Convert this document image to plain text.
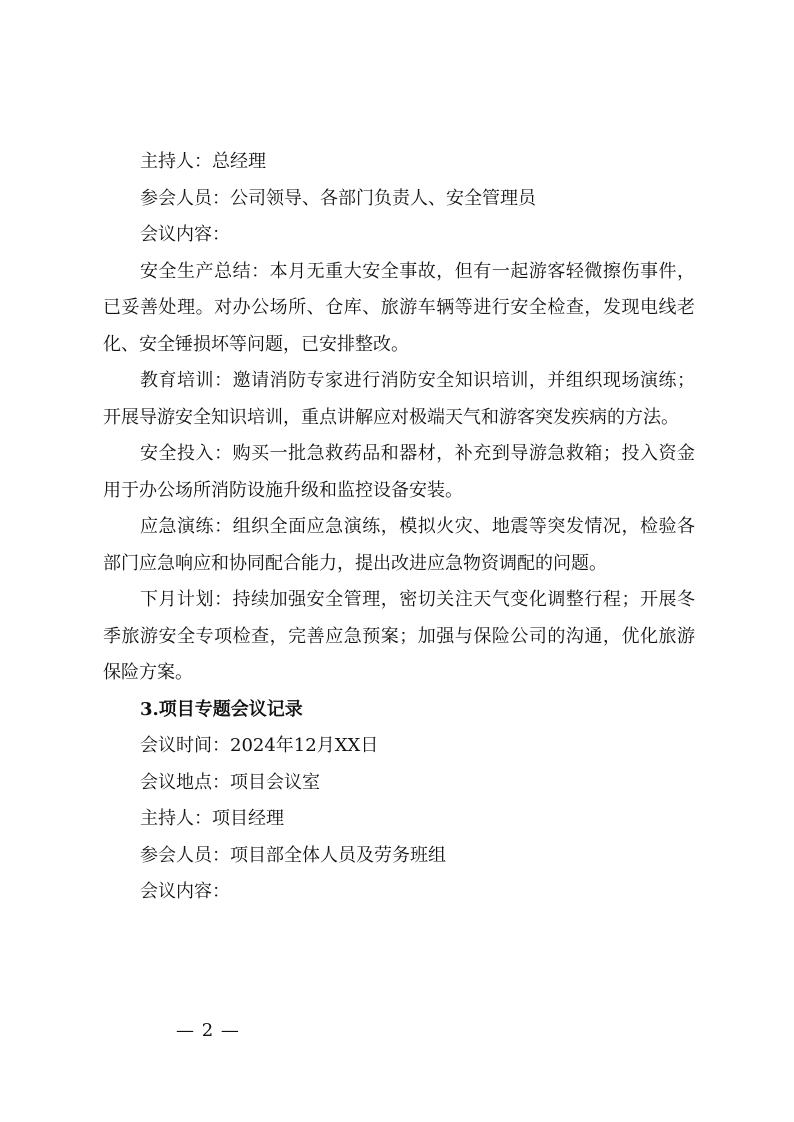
主持人：总经理

参会人员：公司领导、各部门负责人、安全管理员

会议内容：

安全生产总结：本月无重大安全事故，但有一起游客轻微擦伤事件，已妥善处理。对办公场所、仓库、旅游车辆等进行安全检查，发现电线老化、安全锤损坏等问题，已安排整改。

教育培训：邀请消防专家进行消防安全知识培训，并组织现场演练；开展导游安全知识培训，重点讲解应对极端天气和游客突发疾病的方法。

安全投入：购买一批急救药品和器材，补充到导游急救箱；投入资金用于办公场所消防设施升级和监控设备安装。

应急演练：组织全面应急演练，模拟火灾、地震等突发情况，检验各部门应急响应和协同配合能力，提出改进应急物资调配的问题。

下月计划：持续加强安全管理，密切关注天气变化调整行程；开展冬季旅游安全专项检查，完善应急预案；加强与保险公司的沟通，优化旅游保险方案。

3.项目专题会议记录

会议时间：2024年12月XX日

会议地点：项目会议室

主持人：项目经理

参会人员：项目部全体人员及劳务班组

会议内容：

— 2 —
